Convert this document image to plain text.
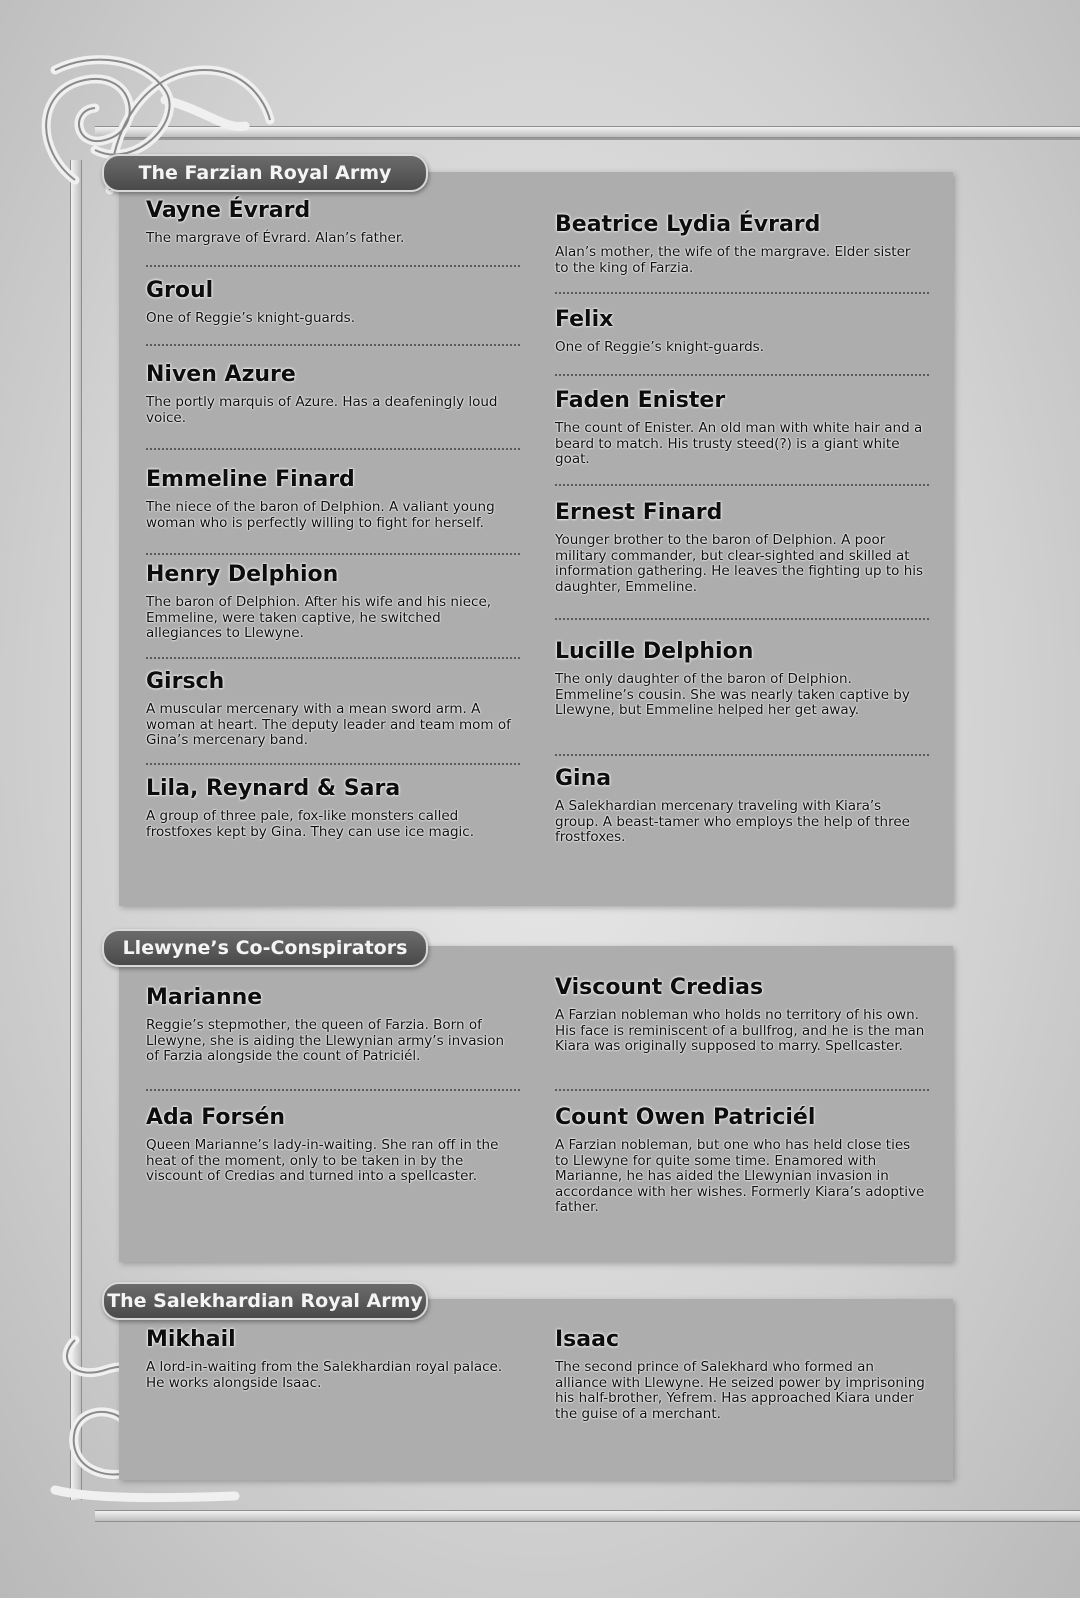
The Farzian Royal Army
Vayne Évrard

The margrave of Évrard. Alan’s father.

Groul

One of Reggie’s knight-guards.

Niven Azure

The portly marquis of Azure. Has a deafeningly loud voice.

Emmeline Finard

The niece of the baron of Delphion. A valiant young woman who is perfectly willing to fight for herself.

Henry Delphion

The baron of Delphion. After his wife and his niece, Emmeline, were taken captive, he switched allegiances to Llewyne.

Girsch

A muscular mercenary with a mean sword arm. A woman at heart. The deputy leader and team mom of Gina’s mercenary band.

Lila, Reynard & Sara

A group of three pale, fox-like monsters called frostfoxes kept by Gina. They can use ice magic.

Beatrice Lydia Évrard

Alan’s mother, the wife of the margrave. Elder sister to the king of Farzia.

Felix

One of Reggie’s knight-guards.

Faden Enister

The count of Enister. An old man with white hair and a beard to match. His trusty steed(?) is a giant white goat.

Ernest Finard

Younger brother to the baron of Delphion. A poor military commander, but clear-sighted and skilled at information gathering. He leaves the fighting up to his daughter, Emmeline.

Lucille Delphion

The only daughter of the baron of Delphion. Emmeline’s cousin. She was nearly taken captive by Llewyne, but Emmeline helped her get away.

Gina

A Salekhardian mercenary traveling with Kiara’s group. A beast-tamer who employs the help of three frostfoxes.

Llewyne’s Co-Conspirators
Marianne

Reggie’s stepmother, the queen of Farzia. Born of Llewyne, she is aiding the Llewynian army’s invasion of Farzia alongside the count of Patriciél.

Ada Forsén

Queen Marianne’s lady-in-waiting. She ran off in the heat of the moment, only to be taken in by the viscount of Credias and turned into a spellcaster.

Viscount Credias

A Farzian nobleman who holds no territory of his own. His face is reminiscent of a bullfrog, and he is the man Kiara was originally supposed to marry. Spellcaster.

Count Owen Patriciél

A Farzian nobleman, but one who has held close ties to Llewyne for quite some time. Enamored with Marianne, he has aided the Llewynian invasion in accordance with her wishes. Formerly Kiara’s adoptive father.

The Salekhardian Royal Army
Mikhail

A lord-in-waiting from the Salekhardian royal palace. He works alongside Isaac.

Isaac

The second prince of Salekhard who formed an alliance with Llewyne. He seized power by imprisoning his half-brother, Yefrem. Has approached Kiara under the guise of a merchant.
